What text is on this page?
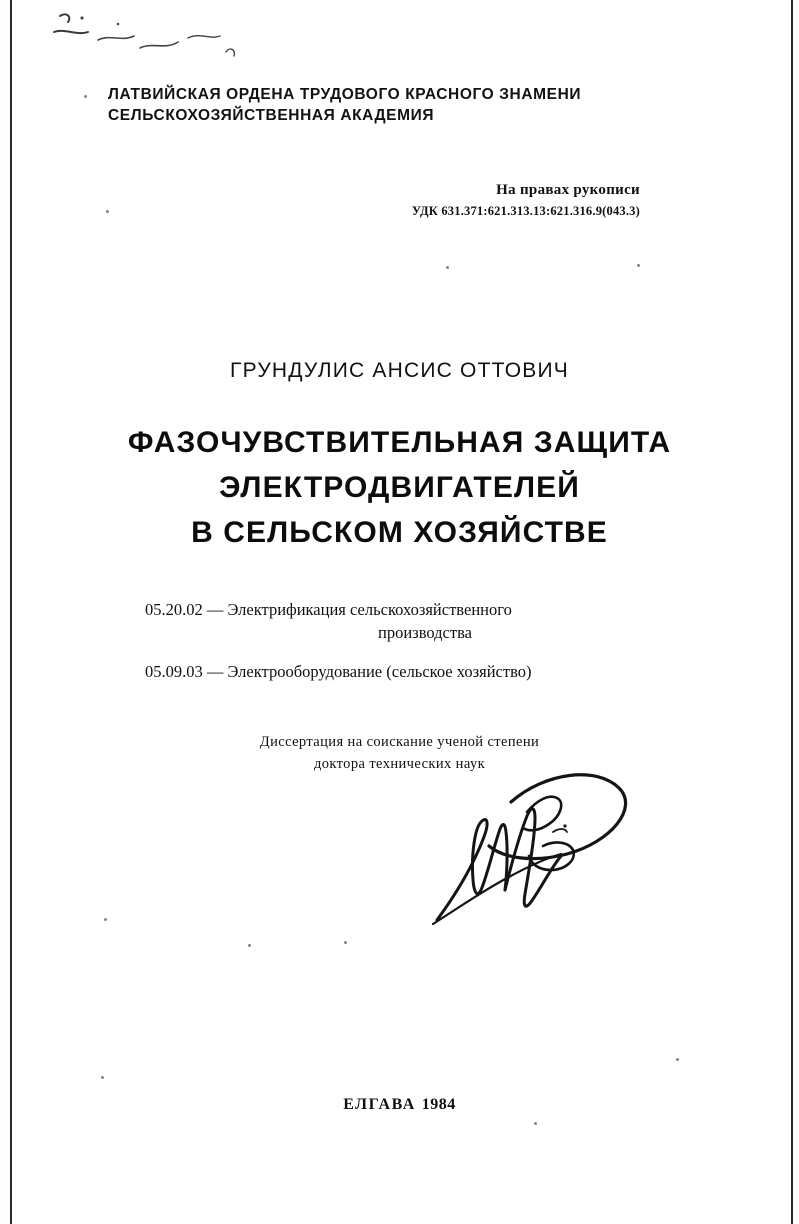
ЛАТВИЙСКАЯ ОРДЕНА ТРУДОВОГО КРАСНОГО ЗНАМЕНИ СЕЛЬСКОХОЗЯЙСТВЕННАЯ АКАДЕМИЯ
На правах рукописи
УДК 631.371:621.313.13:621.316.9(043.3)
ГРУНДУЛИС АНСИС ОТТОВИЧ
ФАЗОЧУВСТВИТЕЛЬНАЯ ЗАЩИТА
ЭЛЕКТРОДВИГАТЕЛЕЙ
В СЕЛЬСКОМ ХОЗЯЙСТВЕ
05.20.02 — Электрификация сельскохозяйственного
производства
05.09.03 — Электрооборудование (сельское хозяйство)
Диссертация на соискание ученой степени
доктора технических наук
ЕЛГАВА 1984
